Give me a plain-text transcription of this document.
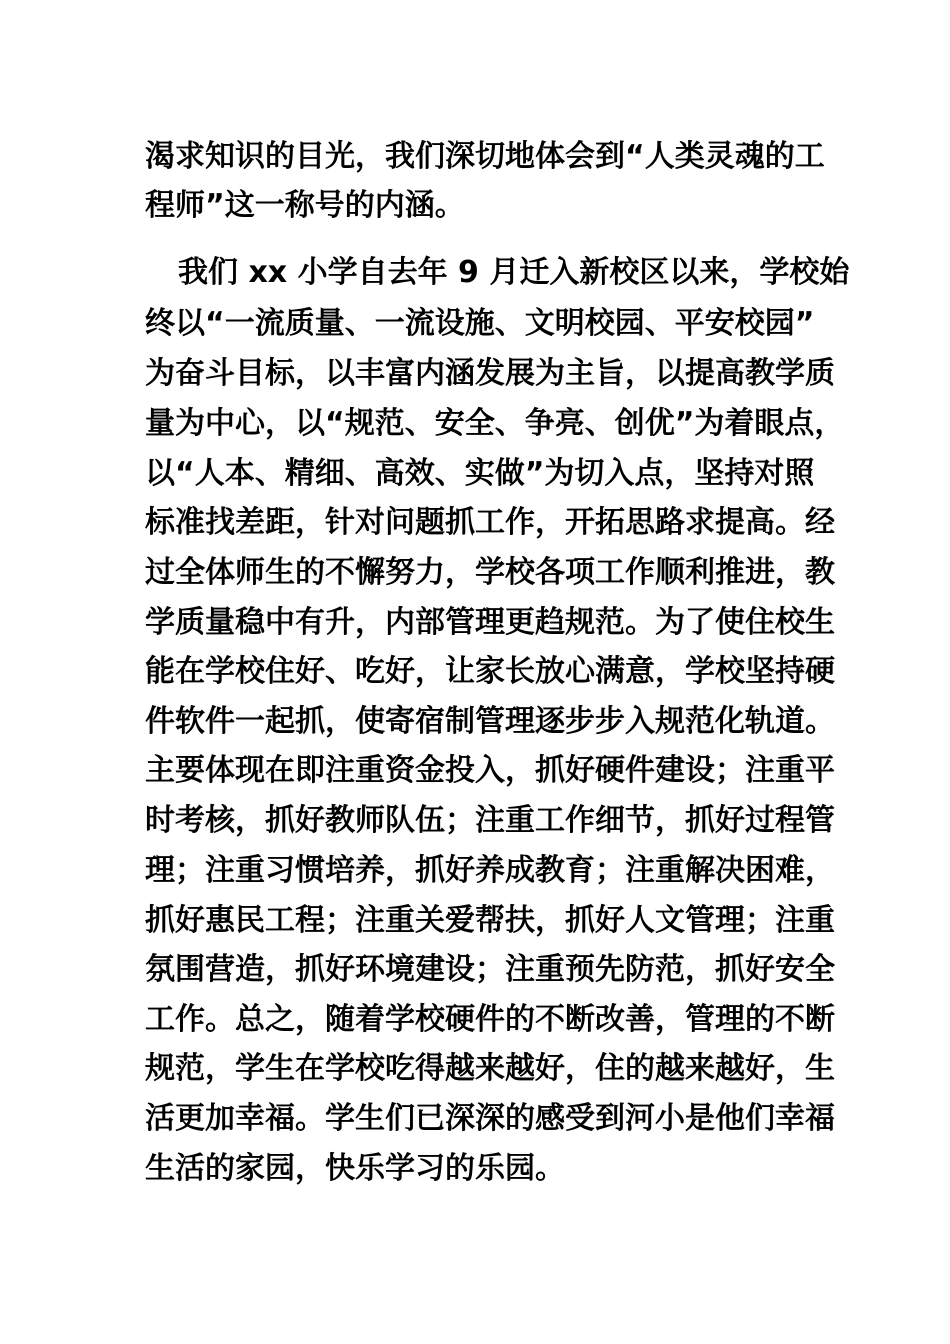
渴求知识的目光，我们深切地体会到“人类灵魂的工
程师”这一称号的内涵。
我们 xx 小学自去年 9 月迁入新校区以来，学校始
终以“一流质量、一流设施、文明校园、平安校园”
为奋斗目标，以丰富内涵发展为主旨，以提高教学质
量为中心，以“规范、安全、争亮、创优”为着眼点，
以“人本、精细、高效、实做”为切入点，坚持对照
标准找差距，针对问题抓工作，开拓思路求提高。经
过全体师生的不懈努力，学校各项工作顺利推进，教
学质量稳中有升，内部管理更趋规范。为了使住校生
能在学校住好、吃好，让家长放心满意，学校坚持硬
件软件一起抓，使寄宿制管理逐步步入规范化轨道。
主要体现在即注重资金投入，抓好硬件建设；注重平
时考核，抓好教师队伍；注重工作细节，抓好过程管
理；注重习惯培养，抓好养成教育；注重解决困难，
抓好惠民工程；注重关爱帮扶，抓好人文管理；注重
氛围营造，抓好环境建设；注重预先防范，抓好安全
工作。总之，随着学校硬件的不断改善，管理的不断
规范，学生在学校吃得越来越好，住的越来越好，生
活更加幸福。学生们已深深的感受到河小是他们幸福
生活的家园，快乐学习的乐园。
